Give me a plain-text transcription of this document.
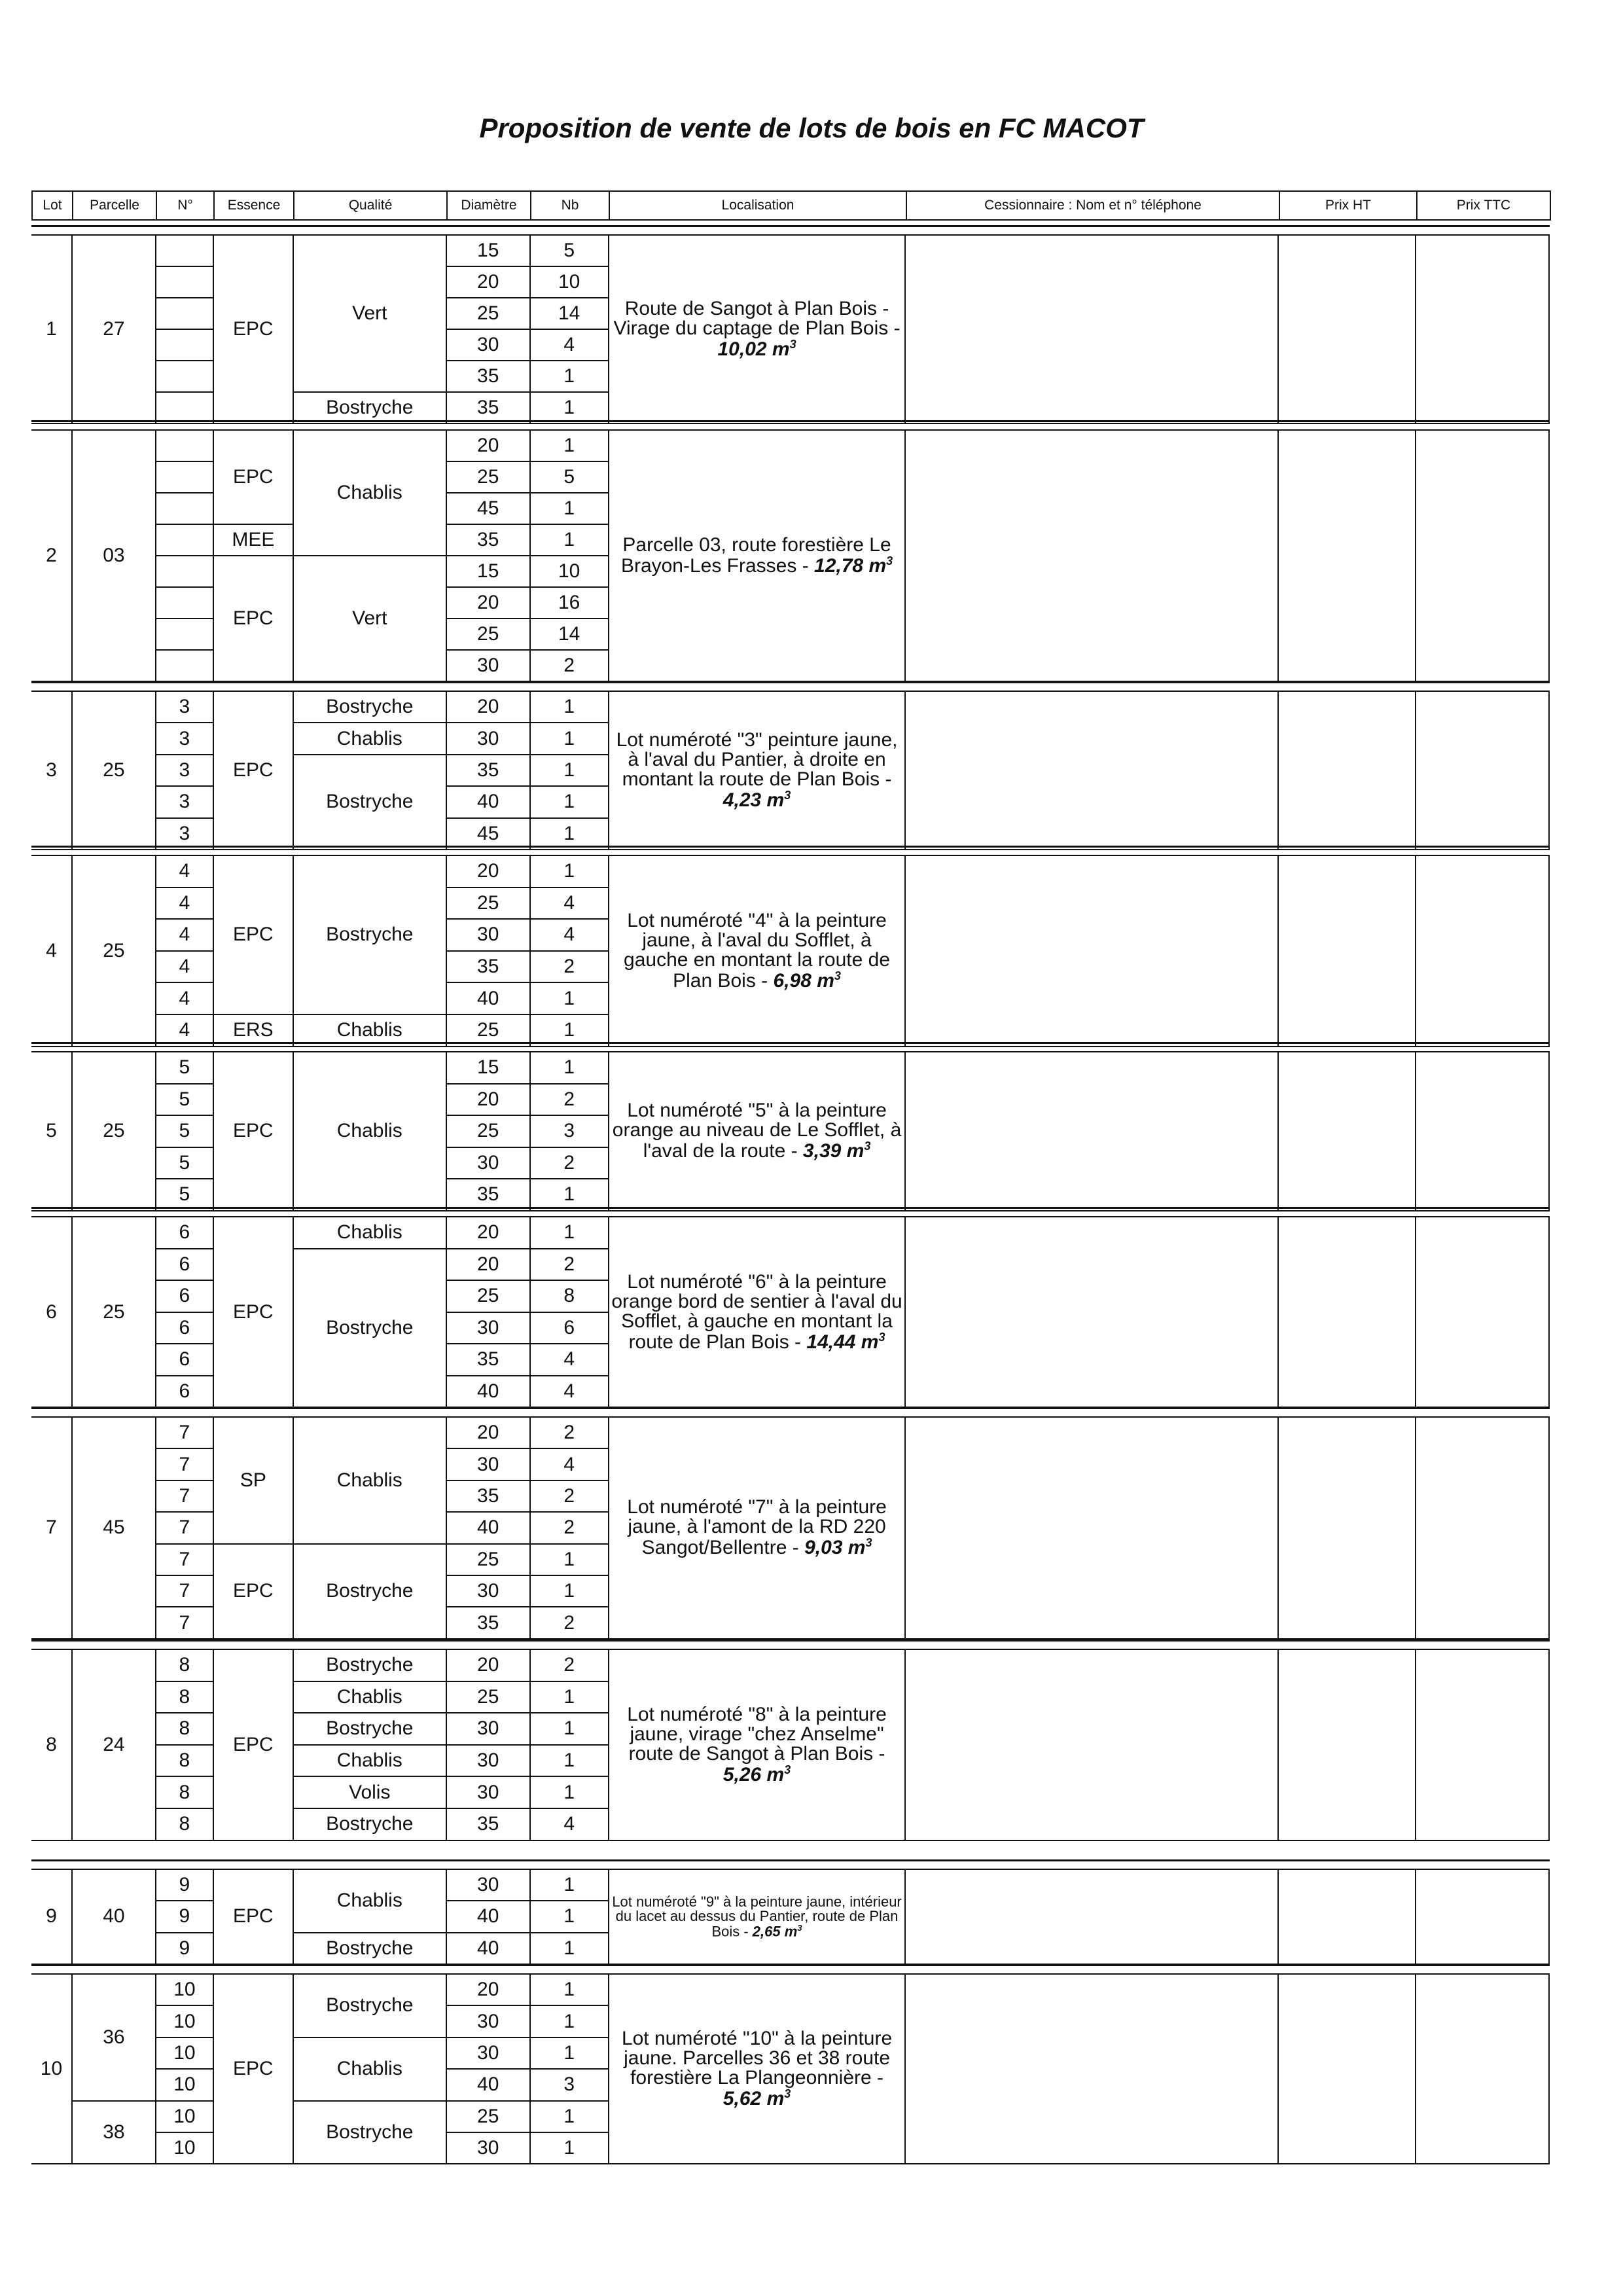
Proposition de vente de lots de bois en FC MACOT
Lot	Parcelle	N°	Essence	Qualité	Diamètre	Nb	Localisation	Cessionnaire : Nom et n° téléphone	Prix HT	Prix TTC
1	27		EPC	Vert	15	5	Route de Sangot à Plan Bois - Virage du captage de Plan Bois - 10,02 $m^3$			
					20	10				
					25	14				
					30	4				
					35	1				
				Bostryche	35	1				
2	03		EPC	Chablis	20	1	Parcelle 03, route forestière Le Brayon-Les Frasses - 12,78 $m^3$			
					25	5				
					45	1				
			MEE		35	1				
			EPC	Vert	15	10				
					20	16				
					25	14				
					30	2				
3	25	3	EPC	Bostryche	20	1	Lot numéroté "3" peinture jaune, à l'aval du Pantier, à droite en montant la route de Plan Bois - 4,23 $m^3$			
		3		Chablis	30	1				
		3		Bostryche	35	1				
		3			40	1				
		3			45	1				
4	25	4	EPC	Bostryche	20	1	Lot numéroté "4" à la peinture jaune, à l'aval du Sofflet, à gauche en montant la route de Plan Bois - 6,98 $m^3$			
		4			25	4				
		4			30	4				
		4			35	2				
		4			40	1				
		4	ERS	Chablis	25	1				
5	25	5	EPC	Chablis	15	1	Lot numéroté "5" à la peinture orange au niveau de Le Sofflet, à l'aval de la route - 3,39 $m^3$			
		5			20	2				
		5			25	3				
		5			30	2				
		5			35	1				
6	25	6	EPC	Chablis	20	1	Lot numéroté "6" à la peinture orange bord de sentier à l'aval du Sofflet, à gauche en montant la route de Plan Bois - 14,44 $m^3$			
		6		Bostryche	20	2				
		6			25	8				
		6			30	6				
		6			35	4				
		6			40	4				
7	45	7	SP	Chablis	20	2	Lot numéroté "7" à la peinture jaune, à l'amont de la RD 220 Sangot/Bellentre - 9,03 $m^3$			
		7			30	4				
		7			35	2				
		7			40	2				
		7	EPC	Bostryche	25	1				
		7			30	1				
		7			35	2				
8	24	8	EPC	Bostryche	20	2	Lot numéroté "8" à la peinture jaune, virage "chez Anselme" route de Sangot à Plan Bois - 5,26 $m^3$			
		8		Chablis	25	1				
		8		Bostryche	30	1				
		8		Chablis	30	1				
		8		Volis	30	1				
		8		Bostryche	35	4				
9	40	9	EPC	Chablis	30	1	Lot numéroté "9" à la peinture jaune, intérieur du lacet au dessus du Pantier, route de Plan Bois - 2,65 $m^3$			
		9			40	1				
		9		Bostryche	40	1				
10	36	10	EPC	Bostryche	20	1	Lot numéroté "10" à la peinture jaune. Parcelles 36 et 38 route forestière La Plangeonnière - 5,62 $m^3$			
		10			30	1				
		10		Chablis	30	1				
		10			40	3				
	38	10		Bostryche	25	1				
		10			30	1				
